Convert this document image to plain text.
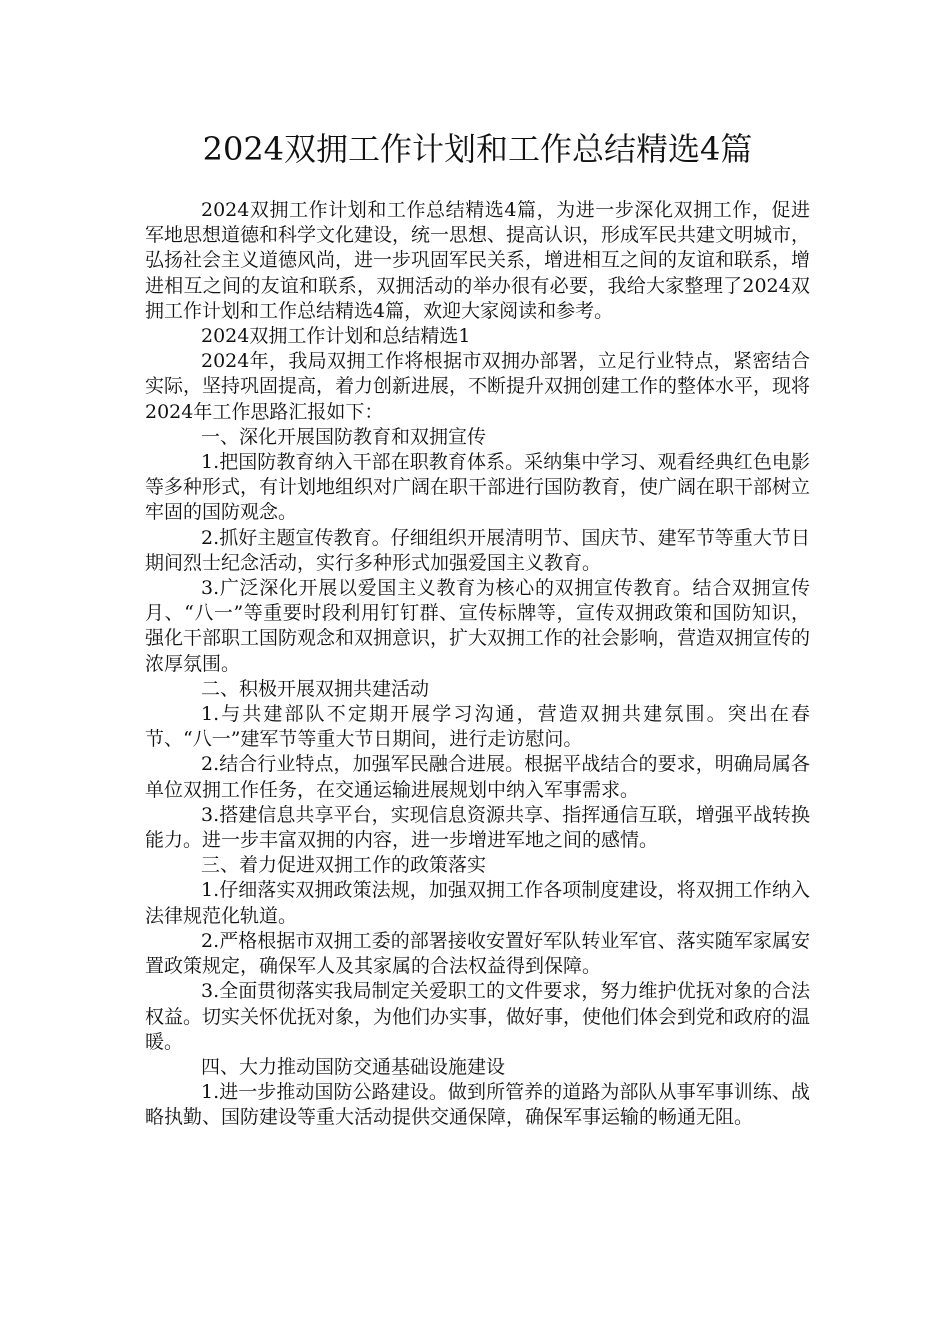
2024双拥工作计划和工作总结精选4篇

2024双拥工作计划和工作总结精选4篇，为进一步深化双拥工作，促进军地思想道德和科学文化建设，统一思想、提高认识，形成军民共建文明城市，弘扬社会主义道德风尚，进一步巩固军民关系，增进相互之间的友谊和联系，增进相互之间的友谊和联系，双拥活动的举办很有必要，我给大家整理了2024双拥工作计划和工作总结精选4篇，欢迎大家阅读和参考。

2024双拥工作计划和总结精选1

2024年，我局双拥工作将根据市双拥办部署，立足行业特点，紧密结合实际，坚持巩固提高，着力创新进展，不断提升双拥创建工作的整体水平，现将2024年工作思路汇报如下：

一、深化开展国防教育和双拥宣传

1.把国防教育纳入干部在职教育体系。采纳集中学习、观看经典红色电影等多种形式，有计划地组织对广阔在职干部进行国防教育，使广阔在职干部树立牢固的国防观念。

2.抓好主题宣传教育。仔细组织开展清明节、国庆节、建军节等重大节日期间烈士纪念活动，实行多种形式加强爱国主义教育。

3.广泛深化开展以爱国主义教育为核心的双拥宣传教育。结合双拥宣传月、“八一”等重要时段利用钉钉群、宣传标牌等，宣传双拥政策和国防知识，强化干部职工国防观念和双拥意识，扩大双拥工作的社会影响，营造双拥宣传的浓厚氛围。

二、积极开展双拥共建活动

1.与共建部队不定期开展学习沟通，营造双拥共建氛围。突出在春节、“八一”建军节等重大节日期间，进行走访慰问。

2.结合行业特点，加强军民融合进展。根据平战结合的要求，明确局属各单位双拥工作任务，在交通运输进展规划中纳入军事需求。

3.搭建信息共享平台，实现信息资源共享、指挥通信互联，增强平战转换能力。进一步丰富双拥的内容，进一步增进军地之间的感情。

三、着力促进双拥工作的政策落实

1.仔细落实双拥政策法规，加强双拥工作各项制度建设，将双拥工作纳入法律规范化轨道。

2.严格根据市双拥工委的部署接收安置好军队转业军官、落实随军家属安置政策规定，确保军人及其家属的合法权益得到保障。

3.全面贯彻落实我局制定关爱职工的文件要求，努力维护优抚对象的合法权益。切实关怀优抚对象，为他们办实事，做好事，使他们体会到党和政府的温暖。

四、大力推动国防交通基础设施建设

1.进一步推动国防公路建设。做到所管养的道路为部队从事军事训练、战略执勤、国防建设等重大活动提供交通保障，确保军事运输的畅通无阻。
